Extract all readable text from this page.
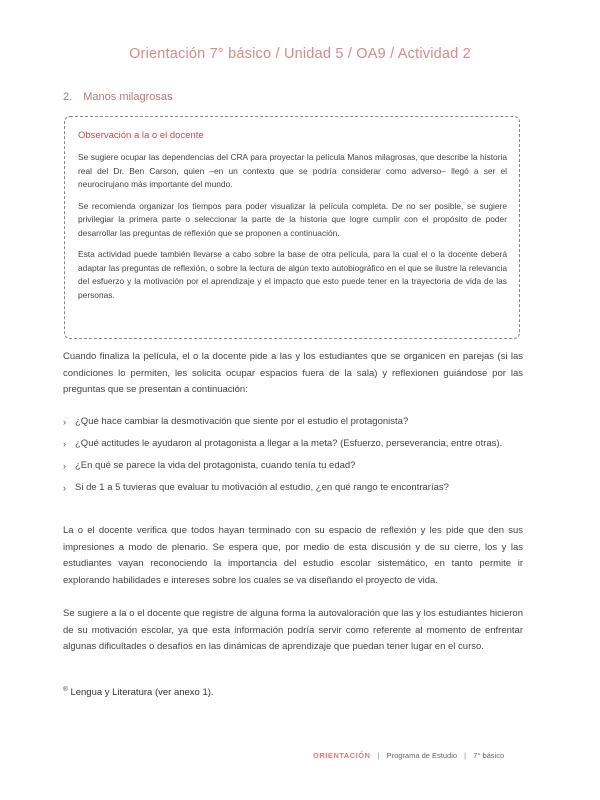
Orientación 7° básico / Unidad 5 / OA9 / Actividad 2
2. Manos milagrosas
Observación a la o el docente

Se sugiere ocupar las dependencias del CRA para proyectar la película Manos milagrosas, que describe la historia real del Dr. Ben Carson, quien –en un contexto que se podría considerar como adverso– llegó a ser el neurocirujano más importante del mundo.

Se recomienda organizar los tiempos para poder visualizar la película completa. De no ser posible, se sugiere privilegiar la primera parte o seleccionar la parte de la historia que logre cumplir con el propósito de poder desarrollar las preguntas de reflexión que se proponen a continuación.

Esta actividad puede también llevarse a cabo sobre la base de otra película, para la cual el o la docente deberá adaptar las preguntas de reflexión, o sobre la lectura de algún texto autobiográfico en el que se ilustre la relevancia del esfuerzo y la motivación por el aprendizaje y el impacto que esto puede tener en la trayectoria de vida de las personas.

Cuando finaliza la película, el o la docente pide a las y los estudiantes que se organicen en parejas (si las condiciones lo permiten, les solicita ocupar espacios fuera de la sala) y reflexionen guiándose por las preguntas que se presentan a continuación:

› ¿Qué hace cambiar la desmotivación que siente por el estudio el protagonista?
› ¿Qué actitudes le ayudaron al protagonista a llegar a la meta? (Esfuerzo, perseverancia, entre otras).
› ¿En qué se parece la vida del protagonista, cuando tenía tu edad?
› Si de 1 a 5 tuvieras que evaluar tu motivación al estudio, ¿en qué rango te encontrarías?

La o el docente verifica que todos hayan terminado con su espacio de reflexión y les pide que den sus impresiones a modo de plenario. Se espera que, por medio de esta discusión y de su cierre, los y las estudiantes vayan reconociendo la importancia del estudio escolar sistemático, en tanto permite ir explorando habilidades e intereses sobre los cuales se va diseñando el proyecto de vida.

Se sugiere a la o el docente que registre de alguna forma la autovaloración que las y los estudiantes hicieron de su motivación escolar, ya que esta información podría servir como referente al momento de enfrentar algunas dificultades o desafíos en las dinámicas de aprendizaje que puedan tener lugar en el curso.

® Lengua y Literatura (ver anexo 1).
ORIENTACIÓN | Programa de Estudio | 7° básico
